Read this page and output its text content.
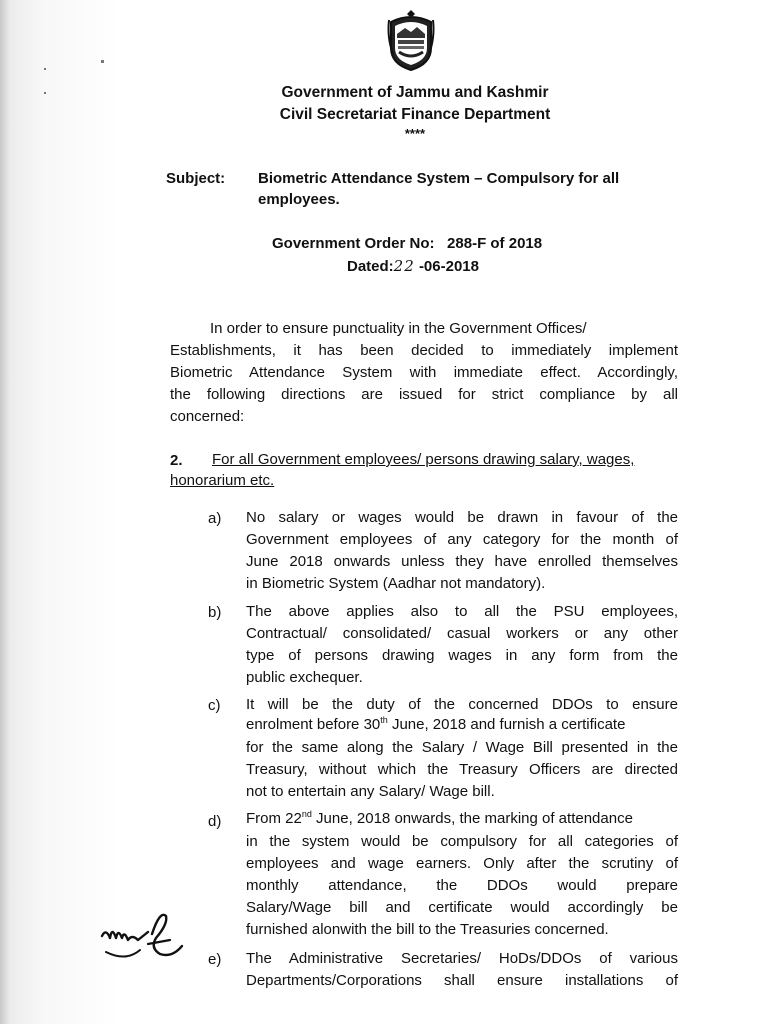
Government of Jammu and Kashmir
Civil Secretariat Finance Department
****
Subject: Biometric Attendance System – Compulsory for all
employees.
Government Order No: 288-F of 2018
Dated:22 -06-2018
In order to ensure punctuality in the Government Offices/
Establishments, it has been decided to immediately implement
Biometric Attendance System with immediate effect. Accordingly,
the following directions are issued for strict compliance by all
concerned:
2. For all Government employees/ persons drawing salary, wages,
honorarium etc.
a) No salary or wages would be drawn in favour of the
Government employees of any category for the month of
June 2018 onwards unless they have enrolled themselves
in Biometric System (Aadhar not mandatory).
b) The above applies also to all the PSU employees,
Contractual/ consolidated/ casual workers or any other
type of persons drawing wages in any form from the
public exchequer.
c) It will be the duty of the concerned DDOs to ensure
enrolment before 30th June, 2018 and furnish a certificate
for the same along the Salary / Wage Bill presented in the
Treasury, without which the Treasury Officers are directed
not to entertain any Salary/ Wage bill.
d) From 22nd June, 2018 onwards, the marking of attendance
in the system would be compulsory for all categories of
employees and wage earners. Only after the scrutiny of
monthly attendance, the DDOs would prepare
Salary/Wage bill and certificate would accordingly be
furnished alonwith the bill to the Treasuries concerned.
e) The Administrative Secretaries/ HoDs/DDOs of various
Departments/Corporations shall ensure installations of
